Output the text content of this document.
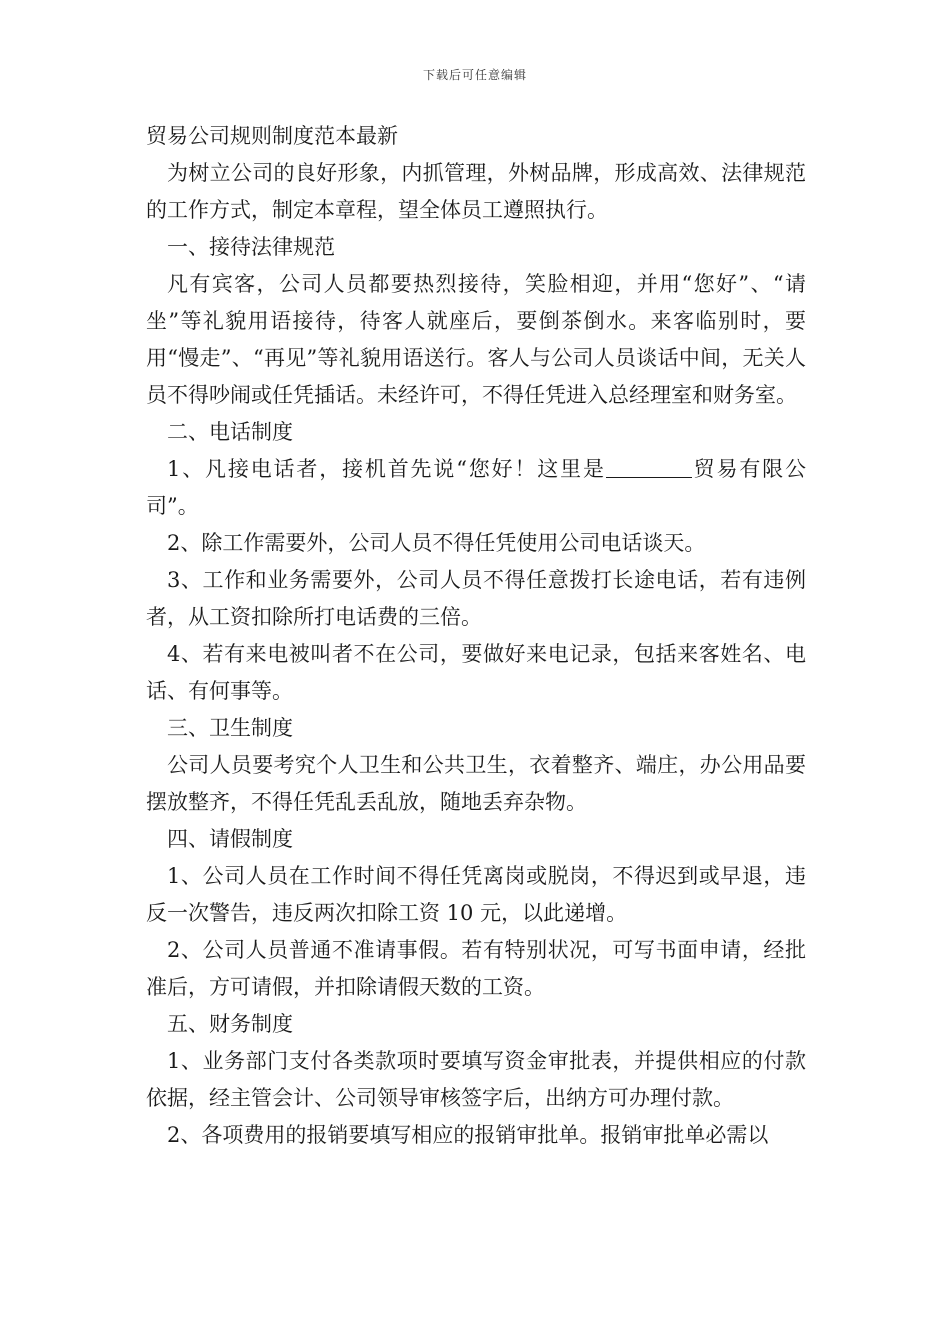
下载后可任意编辑

贸易公司规则制度范本最新

为树立公司的良好形象，内抓管理，外树品牌，形成高效、法律规范的工作方式，制定本章程，望全体员工遵照执行。

一、接待法律规范

凡有宾客，公司人员都要热烈接待，笑脸相迎，并用“您好”、“请坐”等礼貌用语接待，待客人就座后，要倒茶倒水。来客临别时，要用“慢走”、“再见”等礼貌用语送行。客人与公司人员谈话中间，无关人员不得吵闹或任凭插话。未经许可，不得任凭进入总经理室和财务室。

二、电话制度

1、凡接电话者，接机首先说“您好！这里是	贸易有限公司”。

2、除工作需要外，公司人员不得任凭使用公司电话谈天。

3、工作和业务需要外，公司人员不得任意拨打长途电话，若有违例者，从工资扣除所打电话费的三倍。

4、若有来电被叫者不在公司，要做好来电记录，包括来客姓名、电话、有何事等。

三、卫生制度

公司人员要考究个人卫生和公共卫生，衣着整齐、端庄，办公用品要摆放整齐，不得任凭乱丢乱放，随地丢弃杂物。

四、请假制度

1、公司人员在工作时间不得任凭离岗或脱岗，不得迟到或早退，违反一次警告，违反两次扣除工资 10 元，以此递增。

2、公司人员普通不准请事假。若有特别状况，可写书面申请，经批准后，方可请假，并扣除请假天数的工资。

五、财务制度

1、业务部门支付各类款项时要填写资金审批表，并提供相应的付款依据，经主管会计、公司领导审核签字后，出纳方可办理付款。

2、各项费用的报销要填写相应的报销审批单。报销审批单必需以
